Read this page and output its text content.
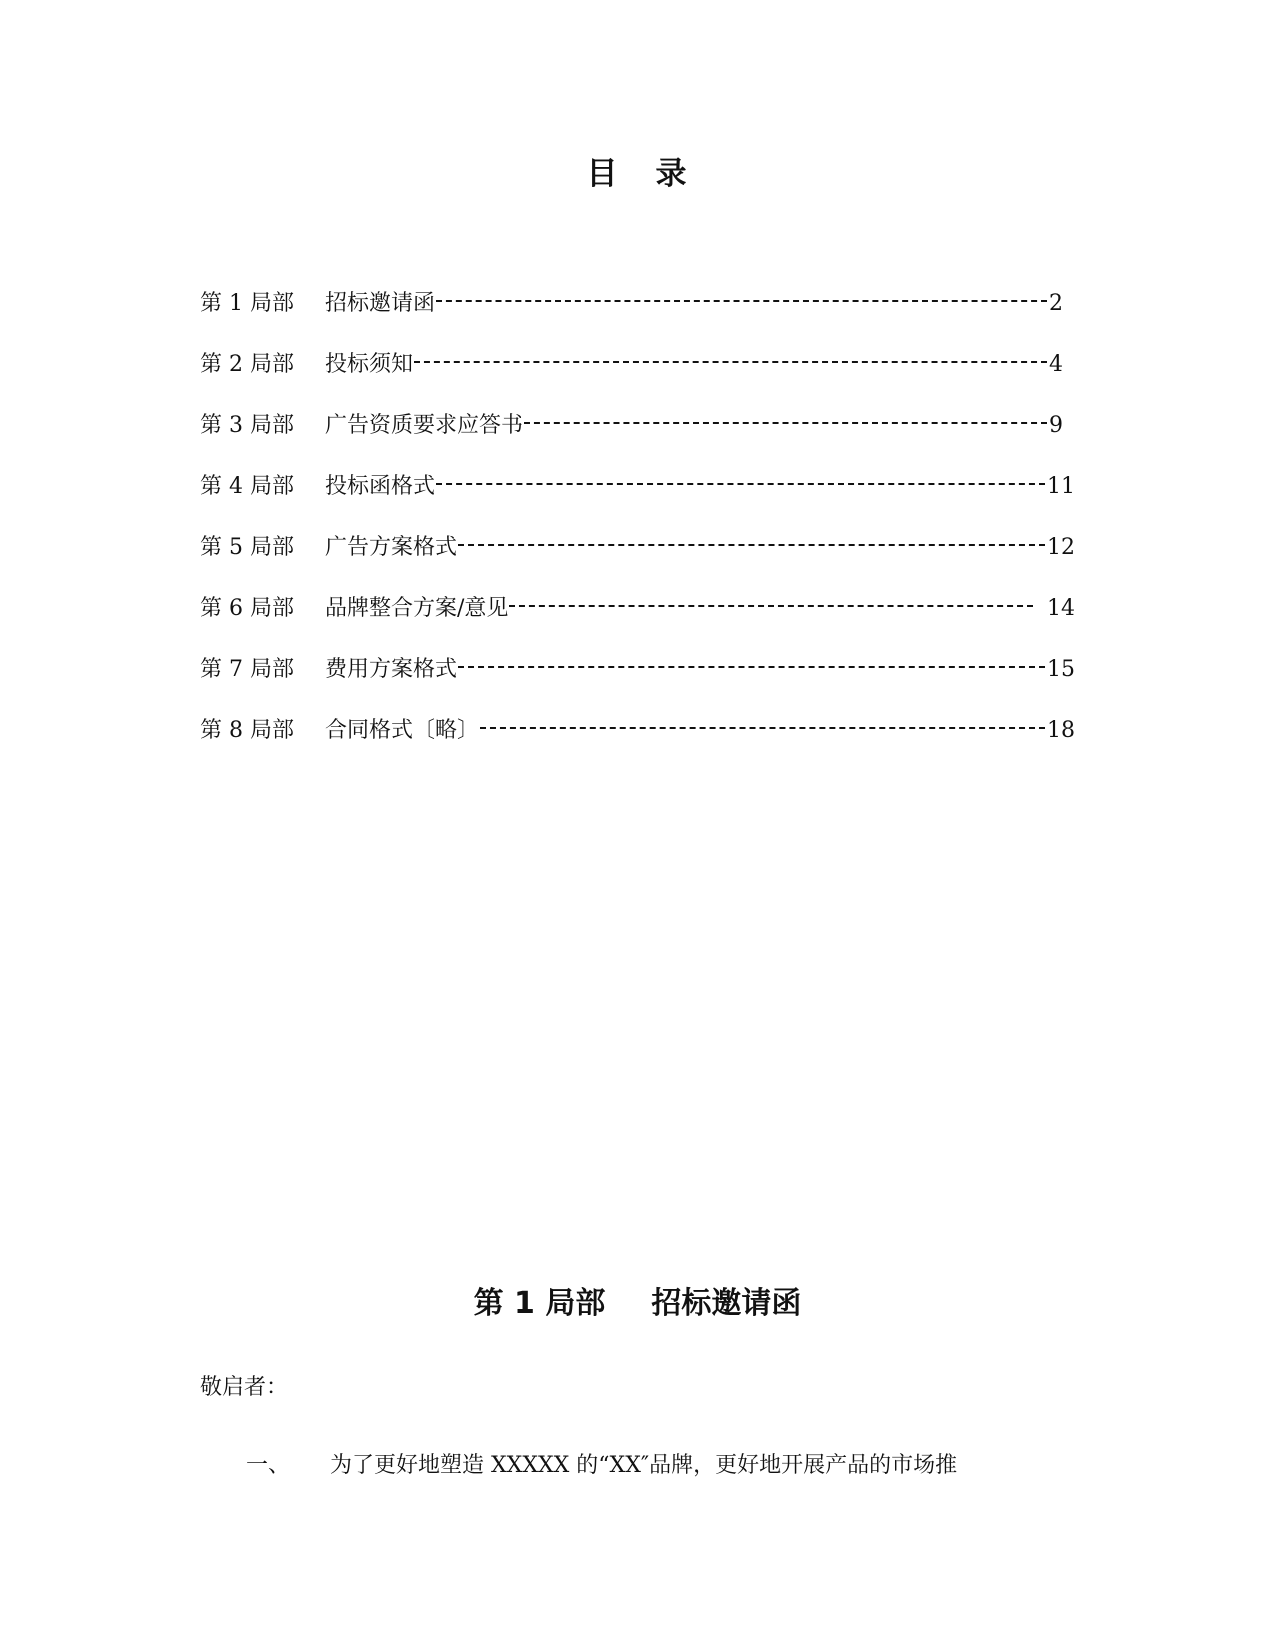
目 录
第 1 局部	招标邀请函	2
第 2 局部	投标须知	4
第 3 局部	广告资质要求应答书	9
第 4 局部	投标函格式	11
第 5 局部	广告方案格式	12
第 6 局部	品牌整合方案/意见	14
第 7 局部	费用方案格式	15
第 8 局部	合同格式〔略〕	18
第 1 局部 招标邀请函

敬启者：

一、 为了更好地塑造 XXXXX 的“XX″品牌，更好地开展产品的市场推
